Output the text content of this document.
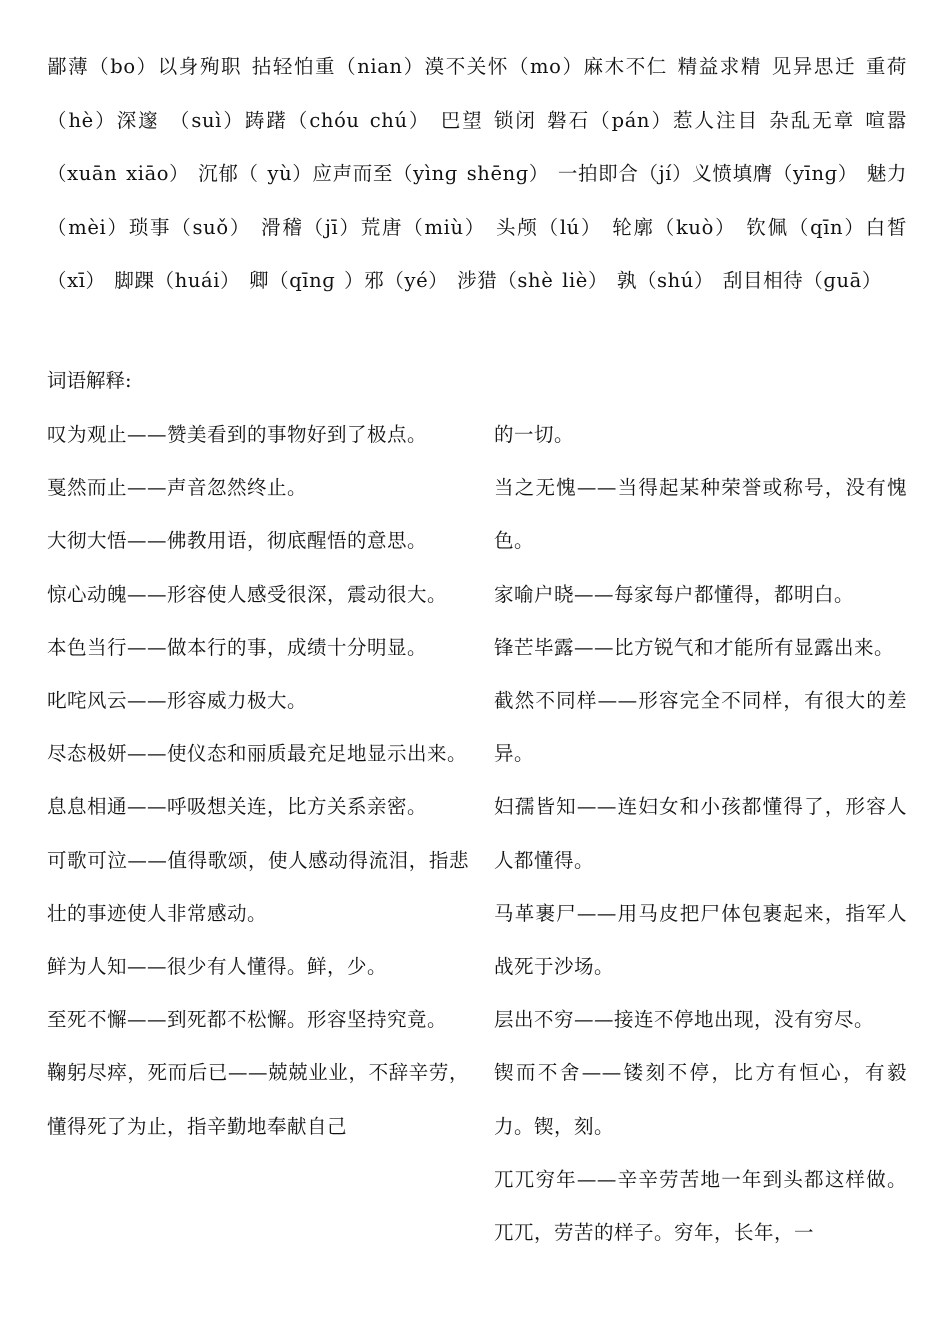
鄙薄（bo）以身殉职 拈轻怕重（nian）漠不关怀（mo）麻木不仁 精益求精 见异思迁 重荷（hè）深邃 （suì）踌躇（chóu chú） 巴望 锁闭 磐石（pán）惹人注目 杂乱无章 喧嚣（xuān xiāo） 沉郁（ yù）应声而至（yìnɡ shēnɡ） 一拍即合（jí）义愤填膺（yīnɡ） 魅力（mèi）琐事（suǒ） 滑稽（jī）荒唐（miù） 头颅（lú） 轮廓（kuò） 钦佩（qīn）白皙（xī） 脚踝（huái） 卿（qīnɡ ）邪（yé） 涉猎（shè liè） 孰（shú） 刮目相待（ɡuā）
词语解释:

叹为观止——赞美看到的事物好到了极点。

戛然而止——声音忽然终止。

大彻大悟——佛教用语，彻底醒悟的意思。

惊心动魄——形容使人感受很深，震动很大。

本色当行——做本行的事，成绩十分明显。

叱咤风云——形容威力极大。

尽态极妍——使仪态和丽质最充足地显示出来。

息息相通——呼吸想关连，比方关系亲密。

可歌可泣——值得歌颂，使人感动得流泪，指悲壮的事迹使人非常感动。

鲜为人知——很少有人懂得。鲜，少。

至死不懈——到死都不松懈。形容坚持究竟。

鞠躬尽瘁，死而后已——兢兢业业，不辞辛劳，懂得死了为止，指辛勤地奉献自己

的一切。

当之无愧——当得起某种荣誉或称号，没有愧色。

家喻户晓——每家每户都懂得，都明白。

锋芒毕露——比方锐气和才能所有显露出来。

截然不同样——形容完全不同样，有很大的差异。

妇孺皆知——连妇女和小孩都懂得了，形容人人都懂得。

马革裹尸——用马皮把尸体包裹起来，指军人战死于沙场。

层出不穷——接连不停地出现，没有穷尽。

锲而不舍——镂刻不停，比方有恒心，有毅力。锲，刻。

兀兀穷年——辛辛劳苦地一年到头都这样做。兀兀，劳苦的样子。穷年，长年，一
